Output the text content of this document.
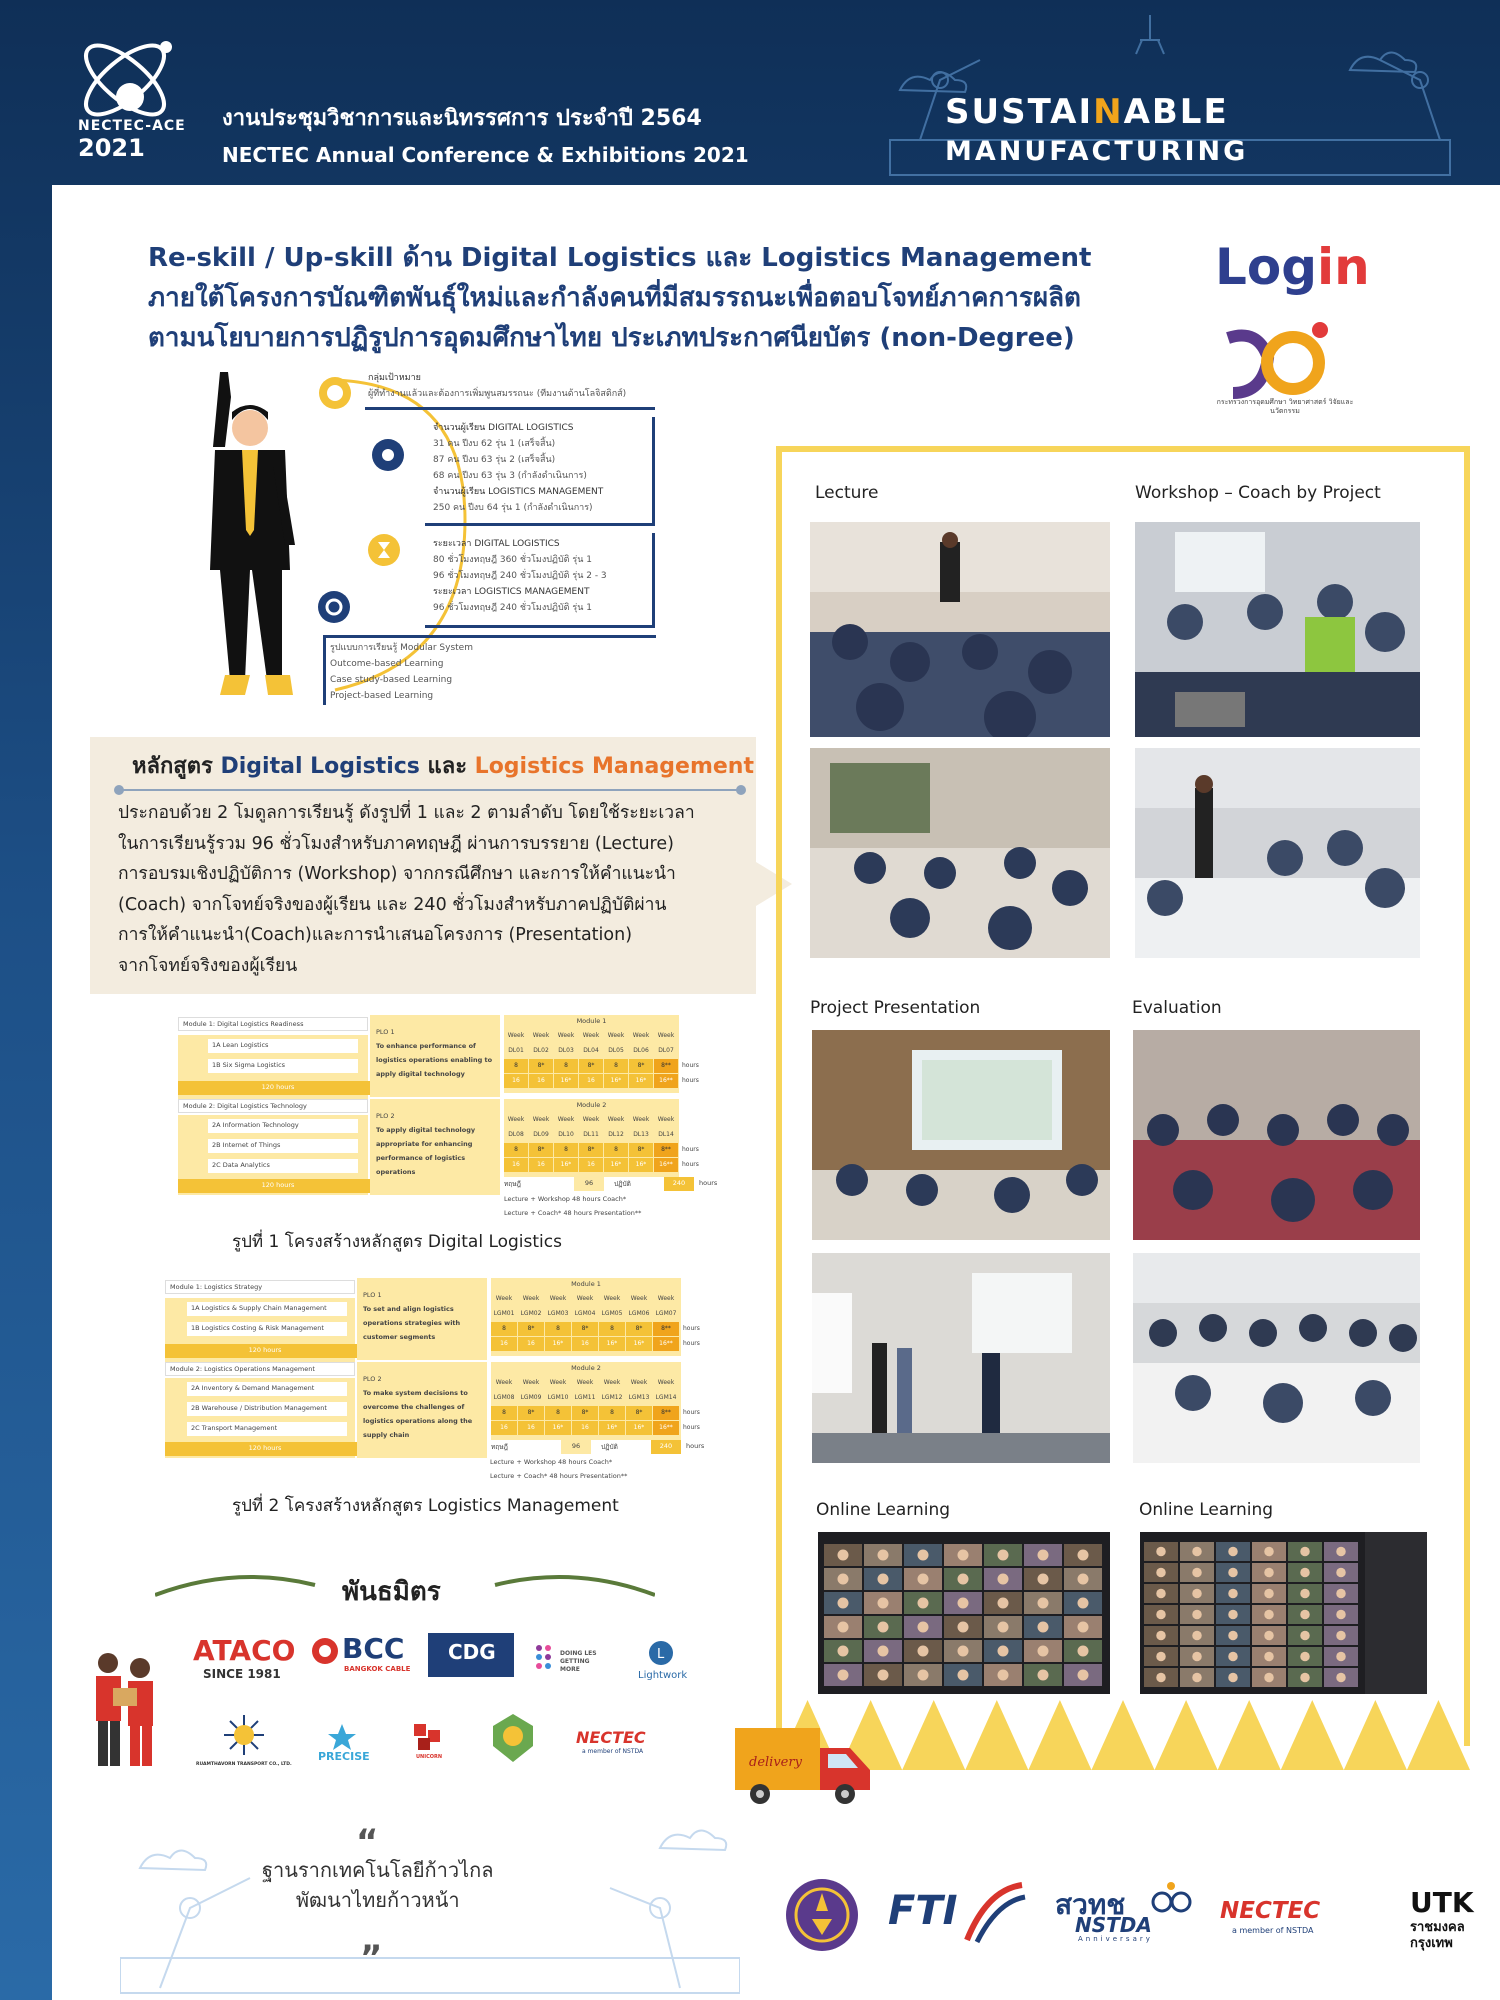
NECTEC-ACE
2021
งานประชุมวิชาการและนิทรรศการ ประจำปี 2564
NECTEC Annual Conference & Exhibitions 2021
SUSTAINABLE
MANUFACTURING
Re-skill / Up-skill ด้าน Digital Logistics และ Logistics Management
ภายใต้โครงการบัณฑิตพันธุ์ใหม่และกำลังคนที่มีสมรรถนะเพื่อตอบโจทย์ภาคการผลิต
ตามนโยบายการปฏิรูปการอุดมศึกษาไทย ประเภทประกาศนียบัตร (non-Degree)
Login
กระทรวงการอุดมศึกษา วิทยาศาสตร์ วิจัยและนวัตกรรม
กลุ่มเป้าหมาย
ผู้ที่ทำงานแล้วและต้องการเพิ่มพูนสมรรถนะ (ทีมงานด้านโลจิสติกส์)
จำนวนผู้เรียน DIGITAL LOGISTICS
31 คน ปีงบ 62 รุ่น 1 (เสร็จสิ้น)
87 คน ปีงบ 63 รุ่น 2 (เสร็จสิ้น)
68 คน ปีงบ 63 รุ่น 3 (กำลังดำเนินการ)
จำนวนผู้เรียน LOGISTICS MANAGEMENT
250 คน ปีงบ 64 รุ่น 1 (กำลังดำเนินการ)
ระยะเวลา DIGITAL LOGISTICS
80 ชั่วโมงทฤษฎี 360 ชั่วโมงปฏิบัติ รุ่น 1
96 ชั่วโมงทฤษฎี 240 ชั่วโมงปฏิบัติ รุ่น 2 - 3
ระยะเวลา LOGISTICS MANAGEMENT
96 ชั่วโมงทฤษฎี 240 ชั่วโมงปฏิบัติ รุ่น 1
รูปแบบการเรียนรู้ Modular System
Outcome-based Learning
Case study-based Learning
Project-based Learning
หลักสูตร Digital Logistics และ Logistics Management
ประกอบด้วย 2 โมดูลการเรียนรู้ ดังรูปที่ 1 และ 2 ตามลำดับ โดยใช้ระยะเวลา
ในการเรียนรู้รวม 96 ชั่วโมงสำหรับภาคทฤษฎี ผ่านการบรรยาย (Lecture)
การอบรมเชิงปฏิบัติการ (Workshop) จากกรณีศึกษา และการให้คำแนะนำ
(Coach) จากโจทย์จริงของผู้เรียน และ 240 ชั่วโมงสำหรับภาคปฏิบัติผ่าน
การให้คำแนะนำ(Coach)และการนำเสนอโครงการ (Presentation)
จากโจทย์จริงของผู้เรียน
Module 1: Digital Logistics Readiness
1A Lean Logistics
1B Six Sigma Logistics
120 hours
Module 2: Digital Logistics Technology
2A Information Technology
2B Internet of Things
2C Data Analytics
120 hours
PLO 1
To enhance performance of logistics operations enabling to apply digital technology
PLO 2
To apply digital technology appropriate for enhancing performance of logistics operations
Module 1
Week	Week	Week	Week	Week	Week	Week
DL01	DL02	DL03	DL04	DL05	DL06	DL07
8	8*	8	8*	8	8*	8**
16	16	16*	16	16*	16*	16**
hours
hours
Module 2
Week	Week	Week	Week	Week	Week	Week
DL08	DL09	DL10	DL11	DL12	DL13	DL14
8	8*	8	8*	8	8*	8**
16	16	16*	16	16*	16*	16**
hours
hours
ทฤษฎี	96	ปฏิบัติ	240	hours
Lecture + Workshop 48 hours Coach*
Lecture + Coach* 48 hours Presentation**
รูปที่ 1 โครงสร้างหลักสูตร Digital Logistics
Module 1: Logistics Strategy
1A Logistics & Supply Chain Management
1B Logistics Costing & Risk Management
120 hours
Module 2: Logistics Operations Management
2A Inventory & Demand Management
2B Warehouse / Distribution Management
2C Transport Management
120 hours
PLO 1
To set and align logistics operations strategies with customer segments
PLO 2
To make system decisions to overcome the challenges of logistics operations along the supply chain
Module 1
Week	Week	Week	Week	Week	Week	Week
LGM01	LGM02	LGM03	LGM04	LGM05	LGM06	LGM07
8	8*	8	8*	8	8*	8**
16	16	16*	16	16*	16*	16**
hours
hours
Module 2
Week	Week	Week	Week	Week	Week	Week
LGM08	LGM09	LGM10	LGM11	LGM12	LGM13	LGM14
8	8*	8	8*	8	8*	8**
16	16	16*	16	16*	16*	16**
hours
hours
ทฤษฎี	96	ปฏิบัติ	240	hours
Lecture + Workshop 48 hours Coach*
Lecture + Coach* 48 hours Presentation**
รูปที่ 2 โครงสร้างหลักสูตร Logistics Management
Lecture	Workshop – Coach by Project
Project Presentation	Evaluation
Online Learning	Online Learning
พันธมิตร
ATACO
SINCE 1981
BCC
BANGKOK CABLE
CDG	DOING LES GETTING MORE
L
Lightwork
RUAMTHAVORN TRANSPORT CO., LTD.
PRECISE	UNICORN
NECTEC
a member of NSTDA
delivery
“
ฐานรากเทคโนโลยีก้าวไกล
พัฒนาไทยก้าวหน้า
”
FTI	สวทช
NSTDA
Anniversary
NECTEC
a member of NSTDA
UTK
ราชมงคล
กรุงเทพ
